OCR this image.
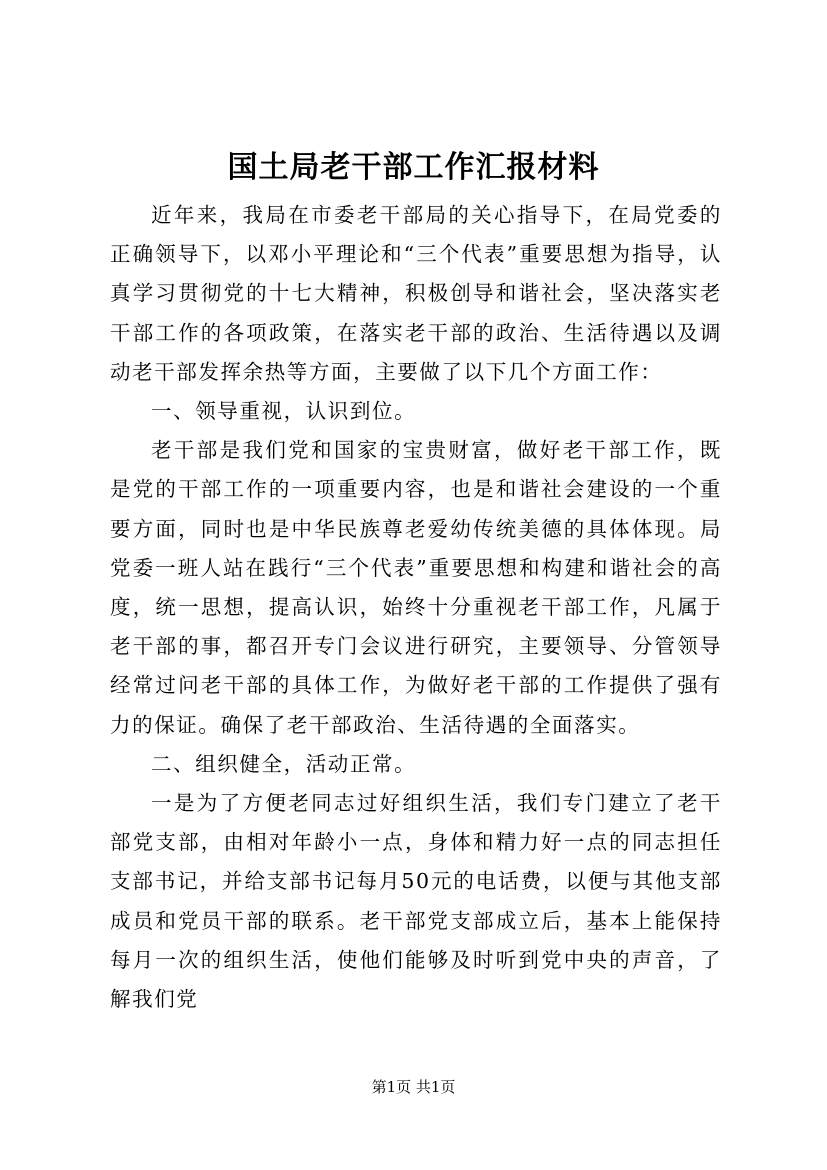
国土局老干部工作汇报材料

近年来，我局在市委老干部局的关心指导下，在局党委的正确领导下，以邓小平理论和“三个代表”重要思想为指导，认真学习贯彻党的十七大精神，积极创导和谐社会，坚决落实老干部工作的各项政策，在落实老干部的政治、生活待遇以及调动老干部发挥余热等方面，主要做了以下几个方面工作：

一、领导重视，认识到位。

老干部是我们党和国家的宝贵财富，做好老干部工作，既是党的干部工作的一项重要内容，也是和谐社会建设的一个重要方面，同时也是中华民族尊老爱幼传统美德的具体体现。局党委一班人站在践行“三个代表”重要思想和构建和谐社会的高度，统一思想，提高认识，始终十分重视老干部工作，凡属于老干部的事，都召开专门会议进行研究，主要领导、分管领导经常过问老干部的具体工作，为做好老干部的工作提供了强有力的保证。确保了老干部政治、生活待遇的全面落实。

二、组织健全，活动正常。

一是为了方便老同志过好组织生活，我们专门建立了老干部党支部，由相对年龄小一点，身体和精力好一点的同志担任支部书记，并给支部书记每月50元的电话费，以便与其他支部成员和党员干部的联系。老干部党支部成立后，基本上能保持每月一次的组织生活，使他们能够及时听到党中央的声音，了解我们党

第1页 共1页
